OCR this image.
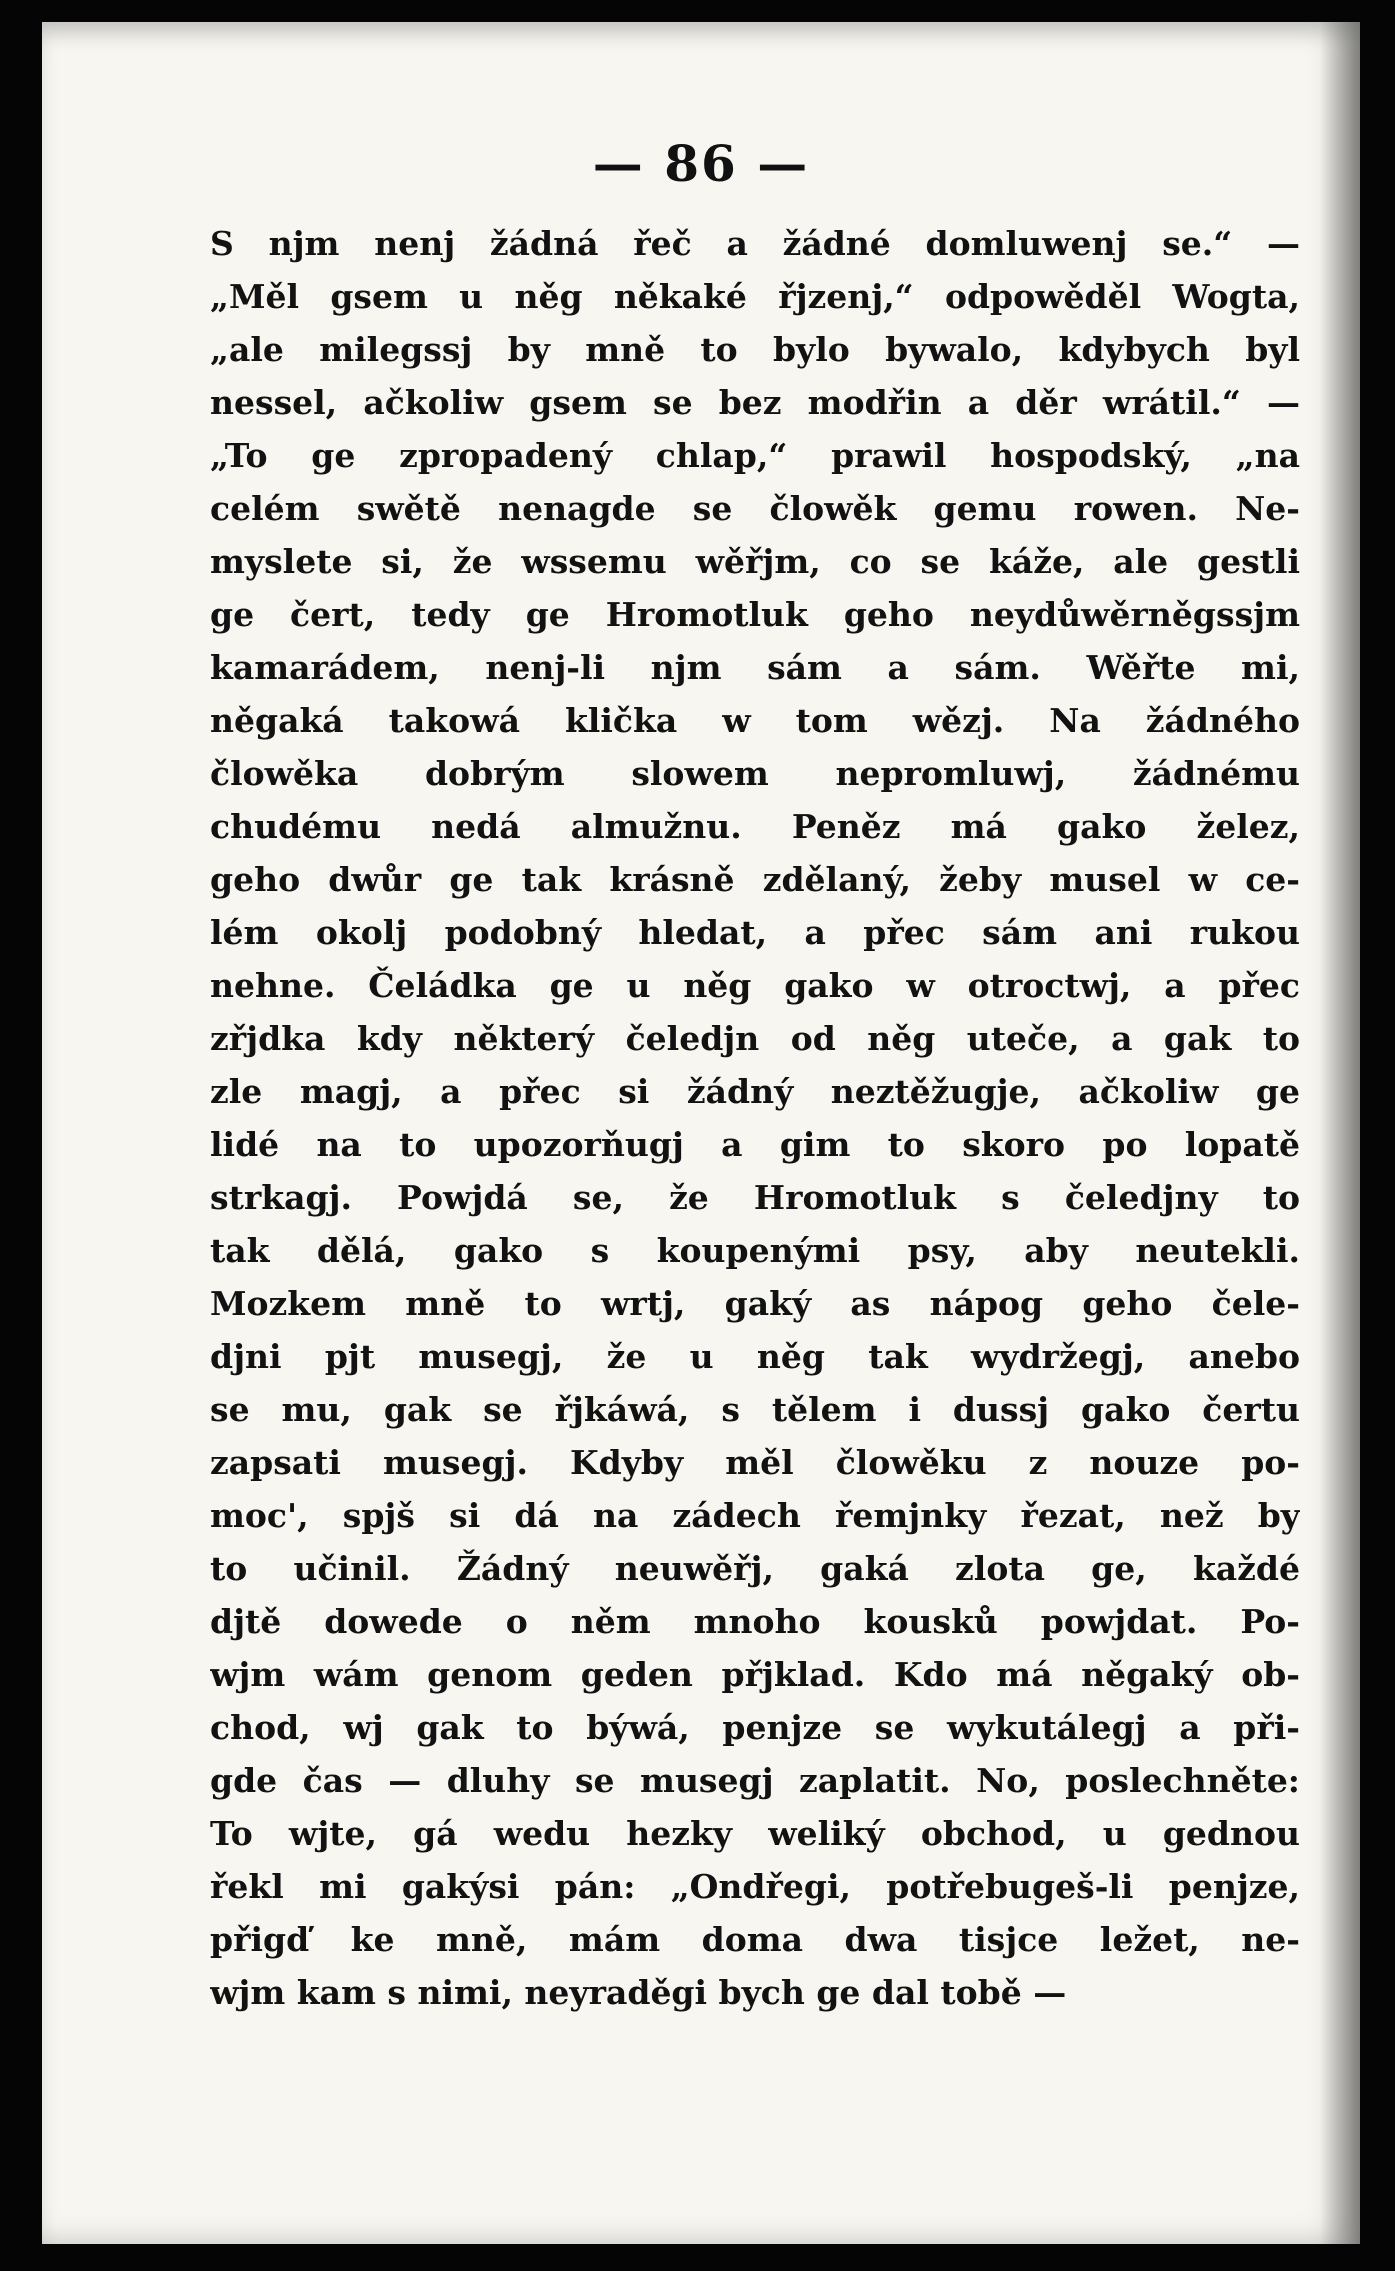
— 86 —
S njm nenj žádná řeč a žádné domluwenj se.“ —
„Měl gsem u něg někaké řjzenj,“ odpowěděl Wogta,
„ale milegssj by mně to bylo bywalo, kdybych byl
nessel, ačkoliw gsem se bez modřin a děr wrátil.“ —
„To ge zpropadený chlap,“ prawil hospodský, „na
celém swětě nenagde se člowěk gemu rowen. Ne-
myslete si, že wssemu wěřjm, co se káže, ale gestli
ge čert, tedy ge Hromotluk geho neydůwěrněgssjm
kamarádem, nenj-li njm sám a sám. Wěřte mi,
něgaká takowá klička w tom wězj. Na žádného
člowěka dobrým slowem nepromluwj, žádnému
chudému nedá almužnu. Peněz má gako želez,
geho dwůr ge tak krásně zdělaný, žeby musel w ce-
lém okolj podobný hledat, a přec sám ani rukou
nehne. Čeládka ge u něg gako w otroctwj, a přec
zřjdka kdy některý čeledjn od něg uteče, a gak to
zle magj, a přec si žádný neztěžugje, ačkoliw ge
lidé na to upozorňugj a gim to skoro po lopatě
strkagj. Powjdá se, že Hromotluk s čeledjny to
tak dělá, gako s koupenými psy, aby neutekli.
Mozkem mně to wrtj, gaký as nápog geho čele-
djni pjt musegj, že u něg tak wydržegj, anebo
se mu, gak se řjkáwá, s tělem i dussj gako čertu
zapsati musegj. Kdyby měl člowěku z nouze po-
moc', spjš si dá na zádech řemjnky řezat, než by
to učinil. Žádný neuwěřj, gaká zlota ge, každé
djtě dowede o něm mnoho kousků powjdat. Po-
wjm wám genom geden přjklad. Kdo má něgaký ob-
chod, wj gak to býwá, penjze se wykutálegj a při-
gde čas — dluhy se musegj zaplatit. No, poslechněte:
To wjte, gá wedu hezky weliký obchod, u gednou
řekl mi gakýsi pán: „Ondřegi, potřebugeš-li penjze,
přigď ke mně, mám doma dwa tisjce ležet, ne-
wjm kam s nimi, neyraděgi bych ge dal tobě —
